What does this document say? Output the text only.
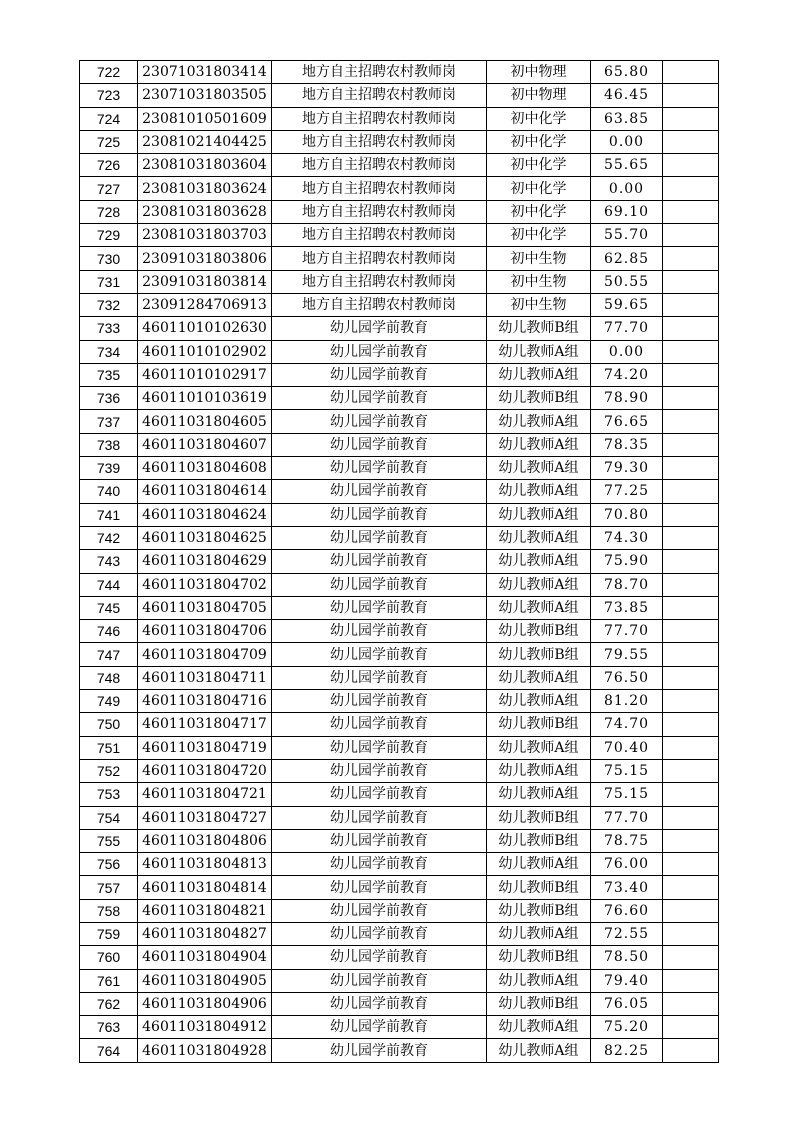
722	23071031803414	地方自主招聘农村教师岗	初中物理	65.80	
723	23071031803505	地方自主招聘农村教师岗	初中物理	46.45	
724	23081010501609	地方自主招聘农村教师岗	初中化学	63.85	
725	23081021404425	地方自主招聘农村教师岗	初中化学	0.00	
726	23081031803604	地方自主招聘农村教师岗	初中化学	55.65	
727	23081031803624	地方自主招聘农村教师岗	初中化学	0.00	
728	23081031803628	地方自主招聘农村教师岗	初中化学	69.10	
729	23081031803703	地方自主招聘农村教师岗	初中化学	55.70	
730	23091031803806	地方自主招聘农村教师岗	初中生物	62.85	
731	23091031803814	地方自主招聘农村教师岗	初中生物	50.55	
732	23091284706913	地方自主招聘农村教师岗	初中生物	59.65	
733	46011010102630	幼儿园学前教育	幼儿教师B组	77.70	
734	46011010102902	幼儿园学前教育	幼儿教师A组	0.00	
735	46011010102917	幼儿园学前教育	幼儿教师A组	74.20	
736	46011010103619	幼儿园学前教育	幼儿教师B组	78.90	
737	46011031804605	幼儿园学前教育	幼儿教师A组	76.65	
738	46011031804607	幼儿园学前教育	幼儿教师A组	78.35	
739	46011031804608	幼儿园学前教育	幼儿教师A组	79.30	
740	46011031804614	幼儿园学前教育	幼儿教师A组	77.25	
741	46011031804624	幼儿园学前教育	幼儿教师A组	70.80	
742	46011031804625	幼儿园学前教育	幼儿教师A组	74.30	
743	46011031804629	幼儿园学前教育	幼儿教师A组	75.90	
744	46011031804702	幼儿园学前教育	幼儿教师A组	78.70	
745	46011031804705	幼儿园学前教育	幼儿教师A组	73.85	
746	46011031804706	幼儿园学前教育	幼儿教师B组	77.70	
747	46011031804709	幼儿园学前教育	幼儿教师B组	79.55	
748	46011031804711	幼儿园学前教育	幼儿教师A组	76.50	
749	46011031804716	幼儿园学前教育	幼儿教师A组	81.20	
750	46011031804717	幼儿园学前教育	幼儿教师B组	74.70	
751	46011031804719	幼儿园学前教育	幼儿教师A组	70.40	
752	46011031804720	幼儿园学前教育	幼儿教师A组	75.15	
753	46011031804721	幼儿园学前教育	幼儿教师A组	75.15	
754	46011031804727	幼儿园学前教育	幼儿教师B组	77.70	
755	46011031804806	幼儿园学前教育	幼儿教师B组	78.75	
756	46011031804813	幼儿园学前教育	幼儿教师A组	76.00	
757	46011031804814	幼儿园学前教育	幼儿教师B组	73.40	
758	46011031804821	幼儿园学前教育	幼儿教师B组	76.60	
759	46011031804827	幼儿园学前教育	幼儿教师A组	72.55	
760	46011031804904	幼儿园学前教育	幼儿教师B组	78.50	
761	46011031804905	幼儿园学前教育	幼儿教师A组	79.40	
762	46011031804906	幼儿园学前教育	幼儿教师B组	76.05	
763	46011031804912	幼儿园学前教育	幼儿教师A组	75.20	
764	46011031804928	幼儿园学前教育	幼儿教师A组	82.25	
